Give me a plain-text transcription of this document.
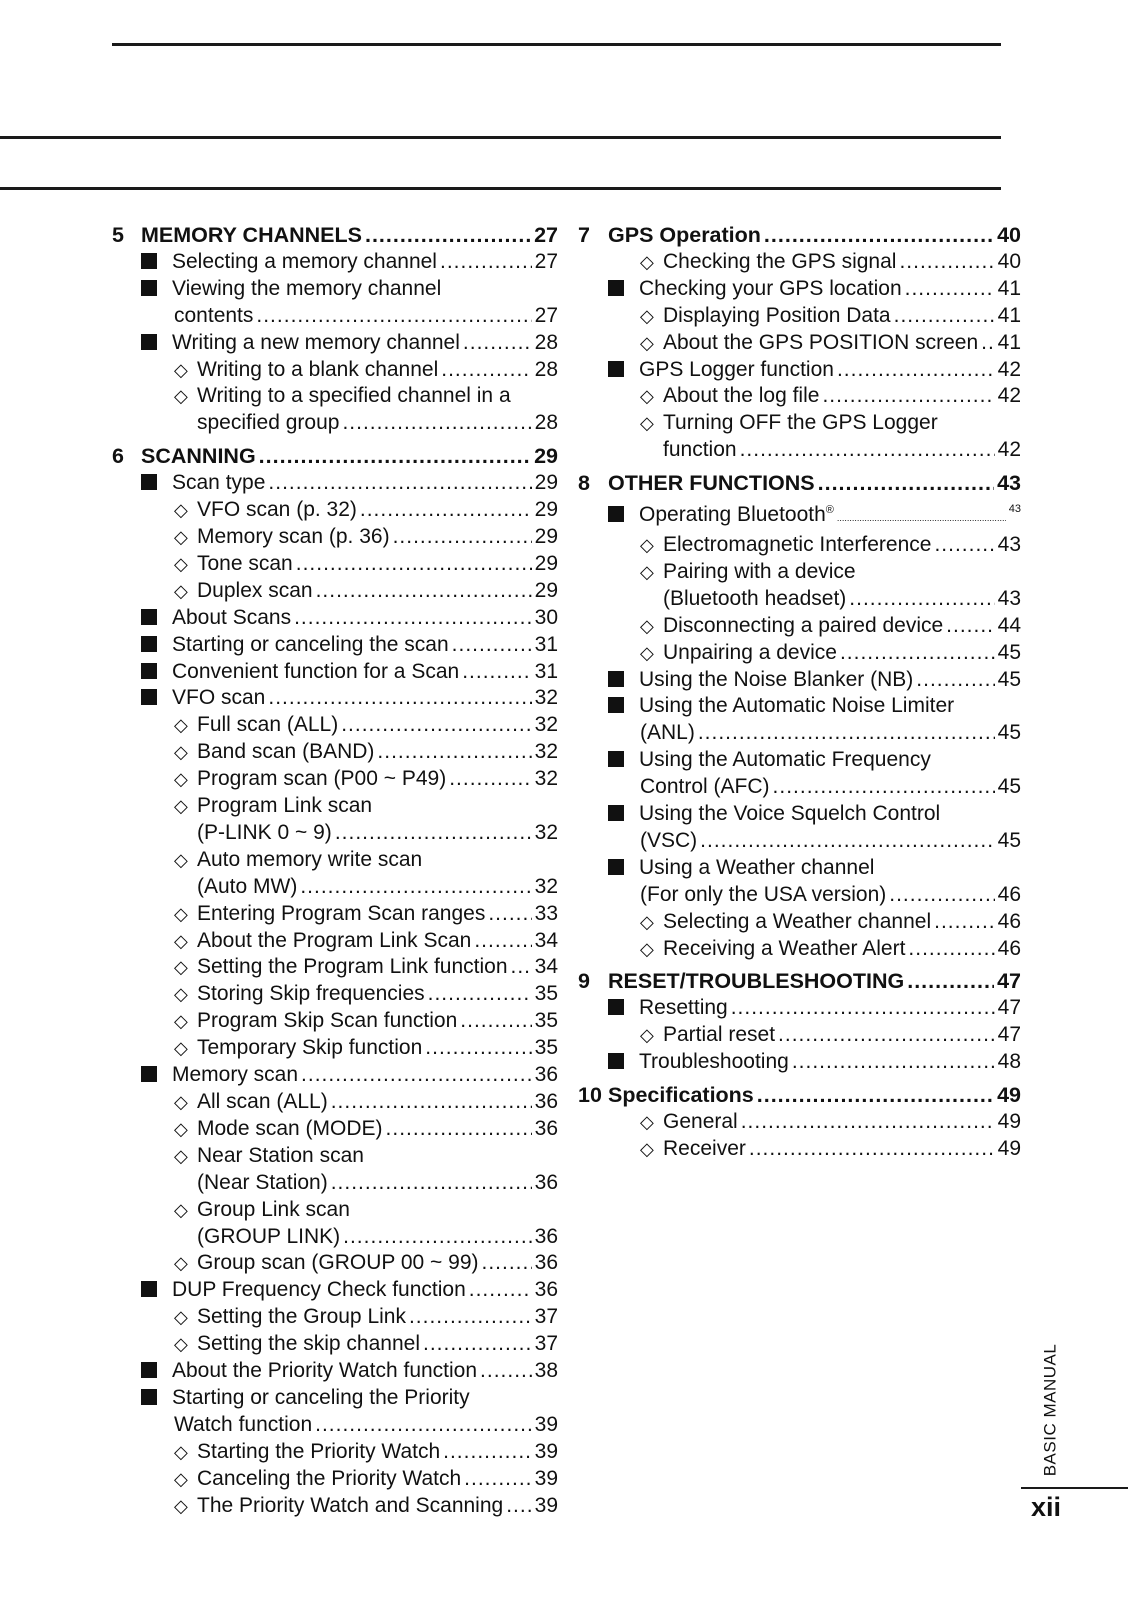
5 MEMORY CHANNELS .....	27
Selecting a memory channel .....	27
Viewing the memory channel
contents .....	27
Writing a new memory channel .....	28
◇ Writing to a blank channel .....	28
◇ Writing to a specified channel in a
specified group .....	28
6 SCANNING .....	29
Scan type .....	29
◇ VFO scan (p. 32) .....	29
◇ Memory scan (p. 36) .....	29
◇ Tone scan .....	29
◇ Duplex scan .....	29
About Scans .....	30
Starting or canceling the scan .....	31
Convenient function for a Scan .....	31
VFO scan .....	32
◇ Full scan (ALL) .....	32
◇ Band scan (BAND) .....	32
◇ Program scan (P00 ~ P49) .....	32
◇ Program Link scan
(P-LINK 0 ~ 9) .....	32
◇ Auto memory write scan
(Auto MW) .....	32
◇ Entering Program Scan ranges ..... 33
◇ About the Program Link Scan .....	34
◇ Setting the Program Link function ..... 34
◇ Storing Skip frequencies .....	35
◇ Program Skip Scan function .....	35
◇ Temporary Skip function .....	35
Memory scan .....	36
◇ All scan (ALL) .....	36
◇ Mode scan (MODE) .....	36
◇ Near Station scan
(Near Station) .....	36
◇ Group Link scan
(GROUP LINK) .....	36
◇ Group scan (GROUP 00 ~ 99) .....	36
DUP Frequency Check function .....	36
◇ Setting the Group Link .....	37
◇ Setting the skip channel .....	37
About the Priority Watch function .....	38
Starting or canceling the Priority
Watch function .....	39
◇ Starting the Priority Watch .....	39
◇ Canceling the Priority Watch .....	39
◇ The Priority Watch and Scanning ..... 39
7 GPS Operation .....	40
◇ Checking the GPS signal .....	40
Checking your GPS location .....	41
◇ Displaying Position Data .....	41
◇ About the GPS POSITION screen ..... 41
GPS Logger function .....	42
◇ About the log file .....	42
◇ Turning OFF the GPS Logger
function .....	42
8 OTHER FUNCTIONS .....	43
Operating Bluetooth® .....	43
◇ Electromagnetic Interference .....	43
◇ Pairing with a device
(Bluetooth headset) .....	43
◇ Disconnecting a paired device .....	44
◇ Unpairing a device .....	45
Using the Noise Blanker (NB) .....	45
Using the Automatic Noise Limiter
(ANL) .....	45
Using the Automatic Frequency
Control (AFC) .....	45
Using the Voice Squelch Control
(VSC) .....	45
Using a Weather channel
(For only the USA version) .....	46
◇ Selecting a Weather channel .....	46
◇ Receiving a Weather Alert .....	46
9 RESET/TROUBLESHOOTING .....	47
Resetting .....	47
◇ Partial reset .....	47
Troubleshooting .....	48
10 Specifications .....	49
◇ General .....	49
◇ Receiver .....	49
BASIC MANUAL
xii
